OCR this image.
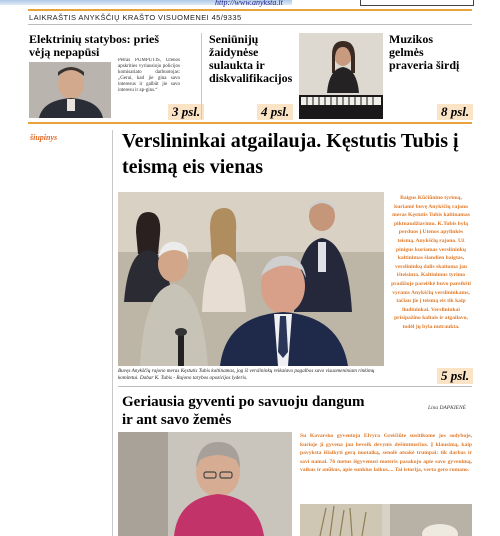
http://www.anyksta.lt
LAIKRAŠTIS ANYKŠČIŲ KRAŠTO VISUOMENEI 45/9335
Elektrinių statybos: prieš vėją nepapūsi
Petras PUMPUTIS, Utenos apskrities vyriausiojo policijos komisariato darbuotojas: „Gerai, kad jie gina savo interesus ir galbūt jie savo interesu ir ap-gins.“
3 psl.
Seniūnijų žaidynėse sulaukta ir diskvalifikacijos
4 psl.
Muzikos gelmės praveria širdį
8 psl.
šiupinys	Verslininkai atgailauja. Kęstutis Tubis į teismą eis vienas
Baigus Kūčiūnino tyrimą, kuriamė buvę Anykščių rajono meras Kęstutis Tubis kaltinamas piktnaudžiavimu. K.Tubis bylą perduos į Utenos apylinkės teismą. Anykščių rajono. Už pinigus kuriamas verslininkų kaltinimas šiandien baigtas, verslininkų dalis skaitoma jau išteisinta. Kaltinimus tyrimo pradžioje pareiškė buvo pareikšti vyrams Anykščių verslininkams, tačiau jie į teismą eis tik kaip liudininkai. Verslininkai prisipažino kaltais ir atgailavo, todėl jų byla nutraukta.
5 psl.
Buvęs Anykščių rajono meras Kęstutis Tubis kaltinamas, jog iš verslininkų reikalavo pagalbos savo visuomeniniam rinkimų komitetui. Dabar K. Tubis - Rajono tarybos opozicijos lyderis.
Geriausia gyventi po savuoju dangum ir ant savo žemės
Lina DAPKIENĖ
Su Kavarsko gyventoja Elvyra Greičiūte susitikome jos sodyboje, kurioje ji gyvena jau beveik devynis dešimtmečius. Į klausimą, kaip pavyksta išlaikyti gerą nuotaiką, senolė atsakė trumpai: tik darbas ir savi namai. 76 metus išgyvenusi moteris pasakojo apie savo gyvenimą, vaikus ir anūkus, apie sunkius laikus.... Tai istorija, verta gero romano.
